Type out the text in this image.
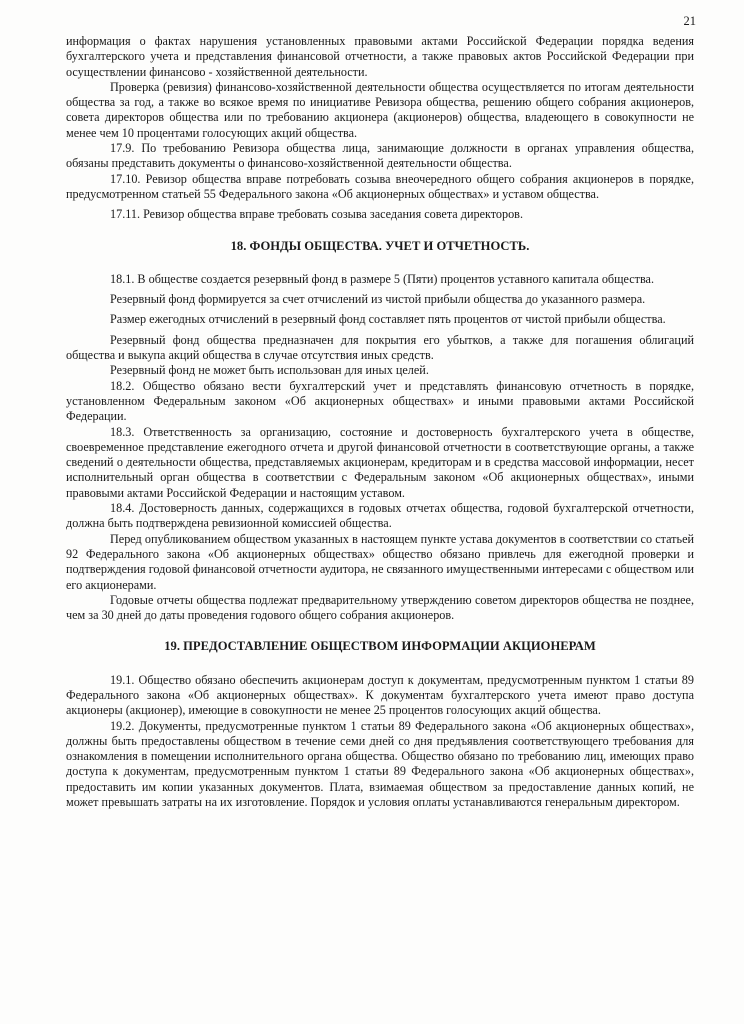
21

информация о фактах нарушения установленных правовыми актами Российской Федерации порядка ведения бухгалтерского учета и представления финансовой отчетности, а также правовых актов Российской Федерации при осуществлении финансово - хозяйственной деятельности.

Проверка (ревизия) финансово-хозяйственной деятельности общества осуществляется по итогам деятельности общества за год, а также во всякое время по инициативе Ревизора общества, решению общего собрания акционеров, совета директоров общества или по требованию акционера (акционеров) общества, владеющего в совокупности не менее чем 10 процентами голосующих акций общества.

17.9. По требованию Ревизора общества лица, занимающие должности в органах управления общества, обязаны представить документы о финансово-хозяйственной деятельности общества.

17.10. Ревизор общества вправе потребовать созыва внеочередного общего собрания акционеров в порядке, предусмотренном статьей 55 Федерального закона «Об акционерных обществах» и уставом общества.

17.11. Ревизор общества вправе требовать созыва заседания совета директоров.

18. ФОНДЫ ОБЩЕСТВА. УЧЕТ И ОТЧЕТНОСТЬ.

18.1. В обществе создается резервный фонд в размере 5 (Пяти) процентов уставного капитала общества.

Резервный фонд формируется за счет отчислений из чистой прибыли общества до указанного размера.

Размер ежегодных отчислений в резервный фонд составляет пять процентов от чистой прибыли общества.

Резервный фонд общества предназначен для покрытия его убытков, а также для погашения облигаций общества и выкупа акций общества в случае отсутствия иных средств.

Резервный фонд не может быть использован для иных целей.

18.2. Общество обязано вести бухгалтерский учет и представлять финансовую отчетность в порядке, установленном Федеральным законом «Об акционерных обществах» и иными правовыми актами Российской Федерации.

18.3. Ответственность за организацию, состояние и достоверность бухгалтерского учета в обществе, своевременное представление ежегодного отчета и другой финансовой отчетности в соответствующие органы, а также сведений о деятельности общества, представляемых акционерам, кредиторам и в средства массовой информации, несет исполнительный орган общества в соответствии с Федеральным законом «Об акционерных обществах», иными правовыми актами Российской Федерации и настоящим уставом.

18.4. Достоверность данных, содержащихся в годовых отчетах общества, годовой бухгалтерской отчетности, должна быть подтверждена ревизионной комиссией общества.

Перед опубликованием обществом указанных в настоящем пункте устава документов в соответствии со статьей 92 Федерального закона «Об акционерных обществах» общество обязано привлечь для ежегодной проверки и подтверждения годовой финансовой отчетности аудитора, не связанного имущественными интересами с обществом или его акционерами.

Годовые отчеты общества подлежат предварительному утверждению советом директоров общества не позднее, чем за 30 дней до даты проведения годового общего собрания акционеров.

19. ПРЕДОСТАВЛЕНИЕ ОБЩЕСТВОМ ИНФОРМАЦИИ АКЦИОНЕРАМ

19.1. Общество обязано обеспечить акционерам доступ к документам, предусмотренным пунктом 1 статьи 89 Федерального закона «Об акционерных обществах». К документам бухгалтерского учета имеют право доступа акционеры (акционер), имеющие в совокупности не менее 25 процентов голосующих акций общества.

19.2. Документы, предусмотренные пунктом 1 статьи 89 Федерального закона «Об акционерных обществах», должны быть предоставлены обществом в течение семи дней со дня предъявления соответствующего требования для ознакомления в помещении исполнительного органа общества. Общество обязано по требованию лиц, имеющих право доступа к документам, предусмотренным пунктом 1 статьи 89 Федерального закона «Об акционерных обществах», предоставить им копии указанных документов. Плата, взимаемая обществом за предоставление данных копий, не может превышать затраты на их изготовление. Порядок и условия оплаты устанавливаются генеральным директором.
